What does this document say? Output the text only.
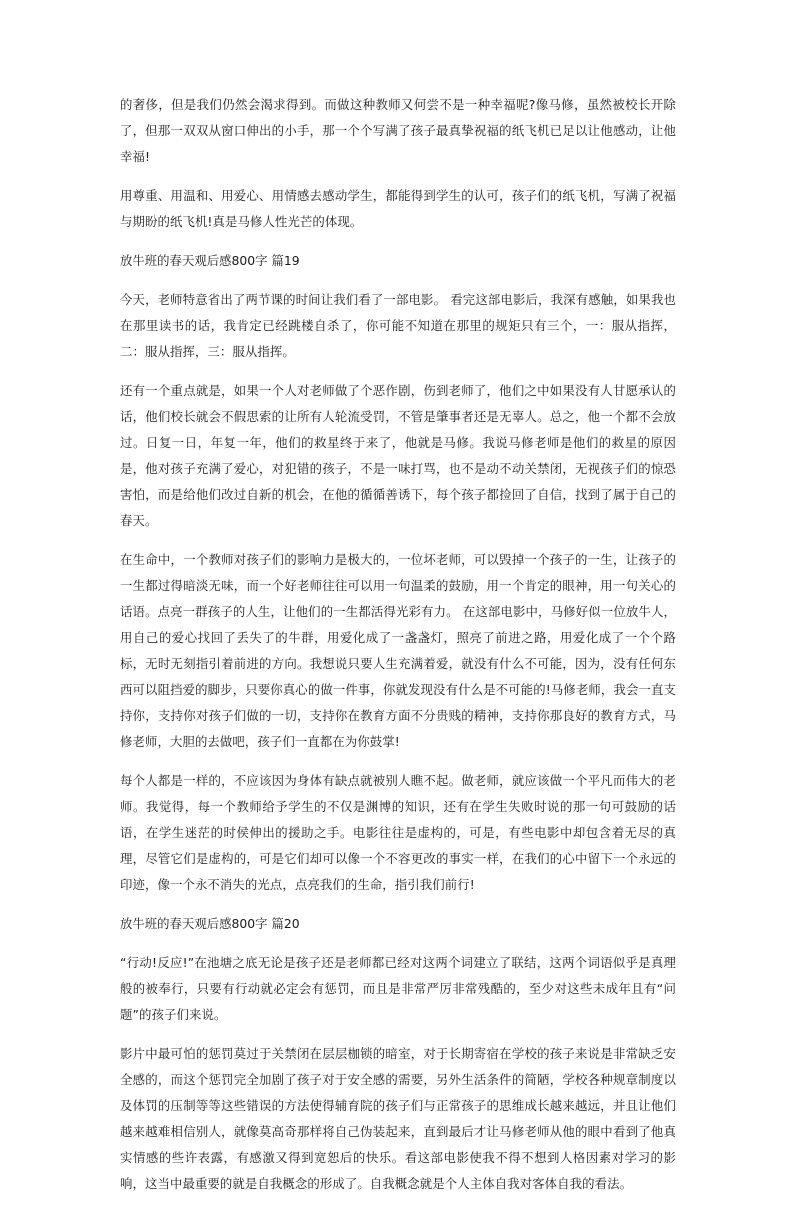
的奢侈，但是我们仍然会渴求得到。而做这种教师又何尝不是一种幸福呢?像马修，虽然被校长开除了，但那一双双从窗口伸出的小手，那一个个写满了孩子最真挚祝福的纸飞机已足以让他感动，让他幸福!

用尊重、用温和、用爱心、用情感去感动学生，都能得到学生的认可，孩子们的纸飞机，写满了祝福与期盼的纸飞机!真是马修人性光芒的体现。

放牛班的春天观后感800字 篇19

今天，老师特意省出了两节课的时间让我们看了一部电影。 看完这部电影后，我深有感触，如果我也在那里读书的话，我肯定已经跳楼自杀了，你可能不知道在那里的规矩只有三个，一：服从指挥，二：服从指挥，三：服从指挥。

还有一个重点就是，如果一个人对老师做了个恶作剧，伤到老师了，他们之中如果没有人甘愿承认的话，他们校长就会不假思索的让所有人轮流受罚，不管是肇事者还是无辜人。总之，他一个都不会放过。日复一日，年复一年，他们的救星终于来了，他就是马修。我说马修老师是他们的救星的原因是，他对孩子充满了爱心，对犯错的孩子，不是一味打骂，也不是动不动关禁闭，无视孩子们的惊恐害怕，而是给他们改过自新的机会，在他的循循善诱下，每个孩子都捡回了自信，找到了属于自己的春天。

在生命中，一个教师对孩子们的影响力是极大的，一位坏老师，可以毁掉一个孩子的一生，让孩子的一生都过得暗淡无味，而一个好老师往往可以用一句温柔的鼓励，用一个肯定的眼神，用一句关心的话语。点亮一群孩子的人生，让他们的一生都活得光彩有力。 在这部电影中，马修好似一位放牛人，用自己的爱心找回了丢失了的牛群，用爱化成了一盏盏灯，照亮了前进之路，用爱化成了一个个路标，无时无刻指引着前进的方向。我想说只要人生充满着爱，就没有什么不可能，因为，没有任何东西可以阻挡爱的脚步，只要你真心的做一件事，你就发现没有什么是不可能的!马修老师，我会一直支持你，支持你对孩子们做的一切，支持你在教育方面不分贵贱的精神，支持你那良好的教育方式，马修老师，大胆的去做吧，孩子们一直都在为你鼓掌!

每个人都是一样的，不应该因为身体有缺点就被别人瞧不起。做老师，就应该做一个平凡而伟大的老师。我觉得，每一个教师给予学生的不仅是渊博的知识，还有在学生失败时说的那一句可鼓励的话语，在学生迷茫的时侯伸出的援助之手。电影往往是虚构的，可是，有些电影中却包含着无尽的真理，尽管它们是虚构的，可是它们却可以像一个不容更改的事实一样，在我们的心中留下一个永远的印迹，像一个永不消失的光点，点亮我们的生命，指引我们前行!

放牛班的春天观后感800字 篇20

“行动!反应!”在池塘之底无论是孩子还是老师都已经对这两个词建立了联结，这两个词语似乎是真理般的被奉行，只要有行动就必定会有惩罚，而且是非常严厉非常残酷的，至少对这些未成年且有“问题”的孩子们来说。

影片中最可怕的惩罚莫过于关禁闭在层层枷锁的暗室，对于长期寄宿在学校的孩子来说是非常缺乏安全感的，而这个惩罚完全加剧了孩子对于安全感的需要，另外生活条件的简陋，学校各种规章制度以及体罚的压制等等这些错误的方法使得辅育院的孩子们与正常孩子的思维成长越来越远，并且让他们越来越难相信别人，就像莫高奇那样将自己伪装起来，直到最后才让马修老师从他的眼中看到了他真实情感的些许表露，有感激又得到宽恕后的快乐。看这部电影使我不得不想到人格因素对学习的影响，这当中最重要的就是自我概念的形成了。自我概念就是个人主体自我对客体自我的看法。
